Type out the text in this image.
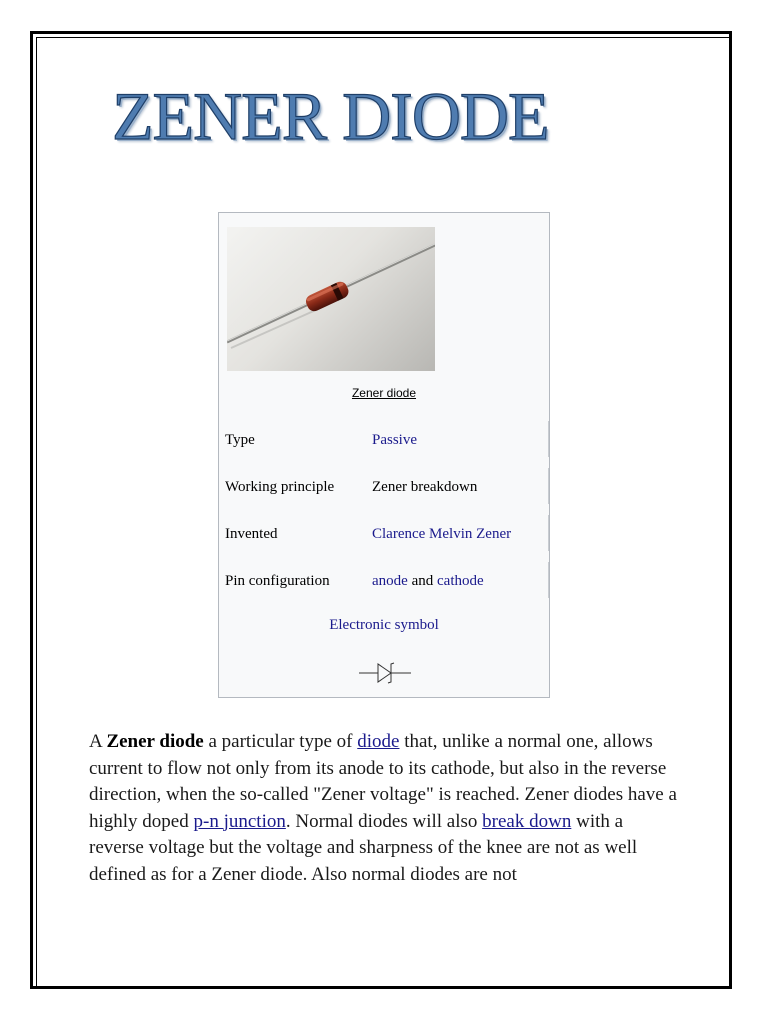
ZENER DIODE
Zener diode
Type	Passive
Working principle	Zener breakdown
Invented	Clarence Melvin Zener
Pin configuration	anode and cathode
Electronic symbol

A Zener diode a particular type of diode that, unlike a normal one, allows current to flow not only from its anode to its cathode, but also in the reverse direction, when the so-called "Zener voltage" is reached. Zener diodes have a highly doped p-n junction. Normal diodes will also break down with a reverse voltage but the voltage and sharpness of the knee are not as well defined as for a Zener diode. Also normal diodes are not
